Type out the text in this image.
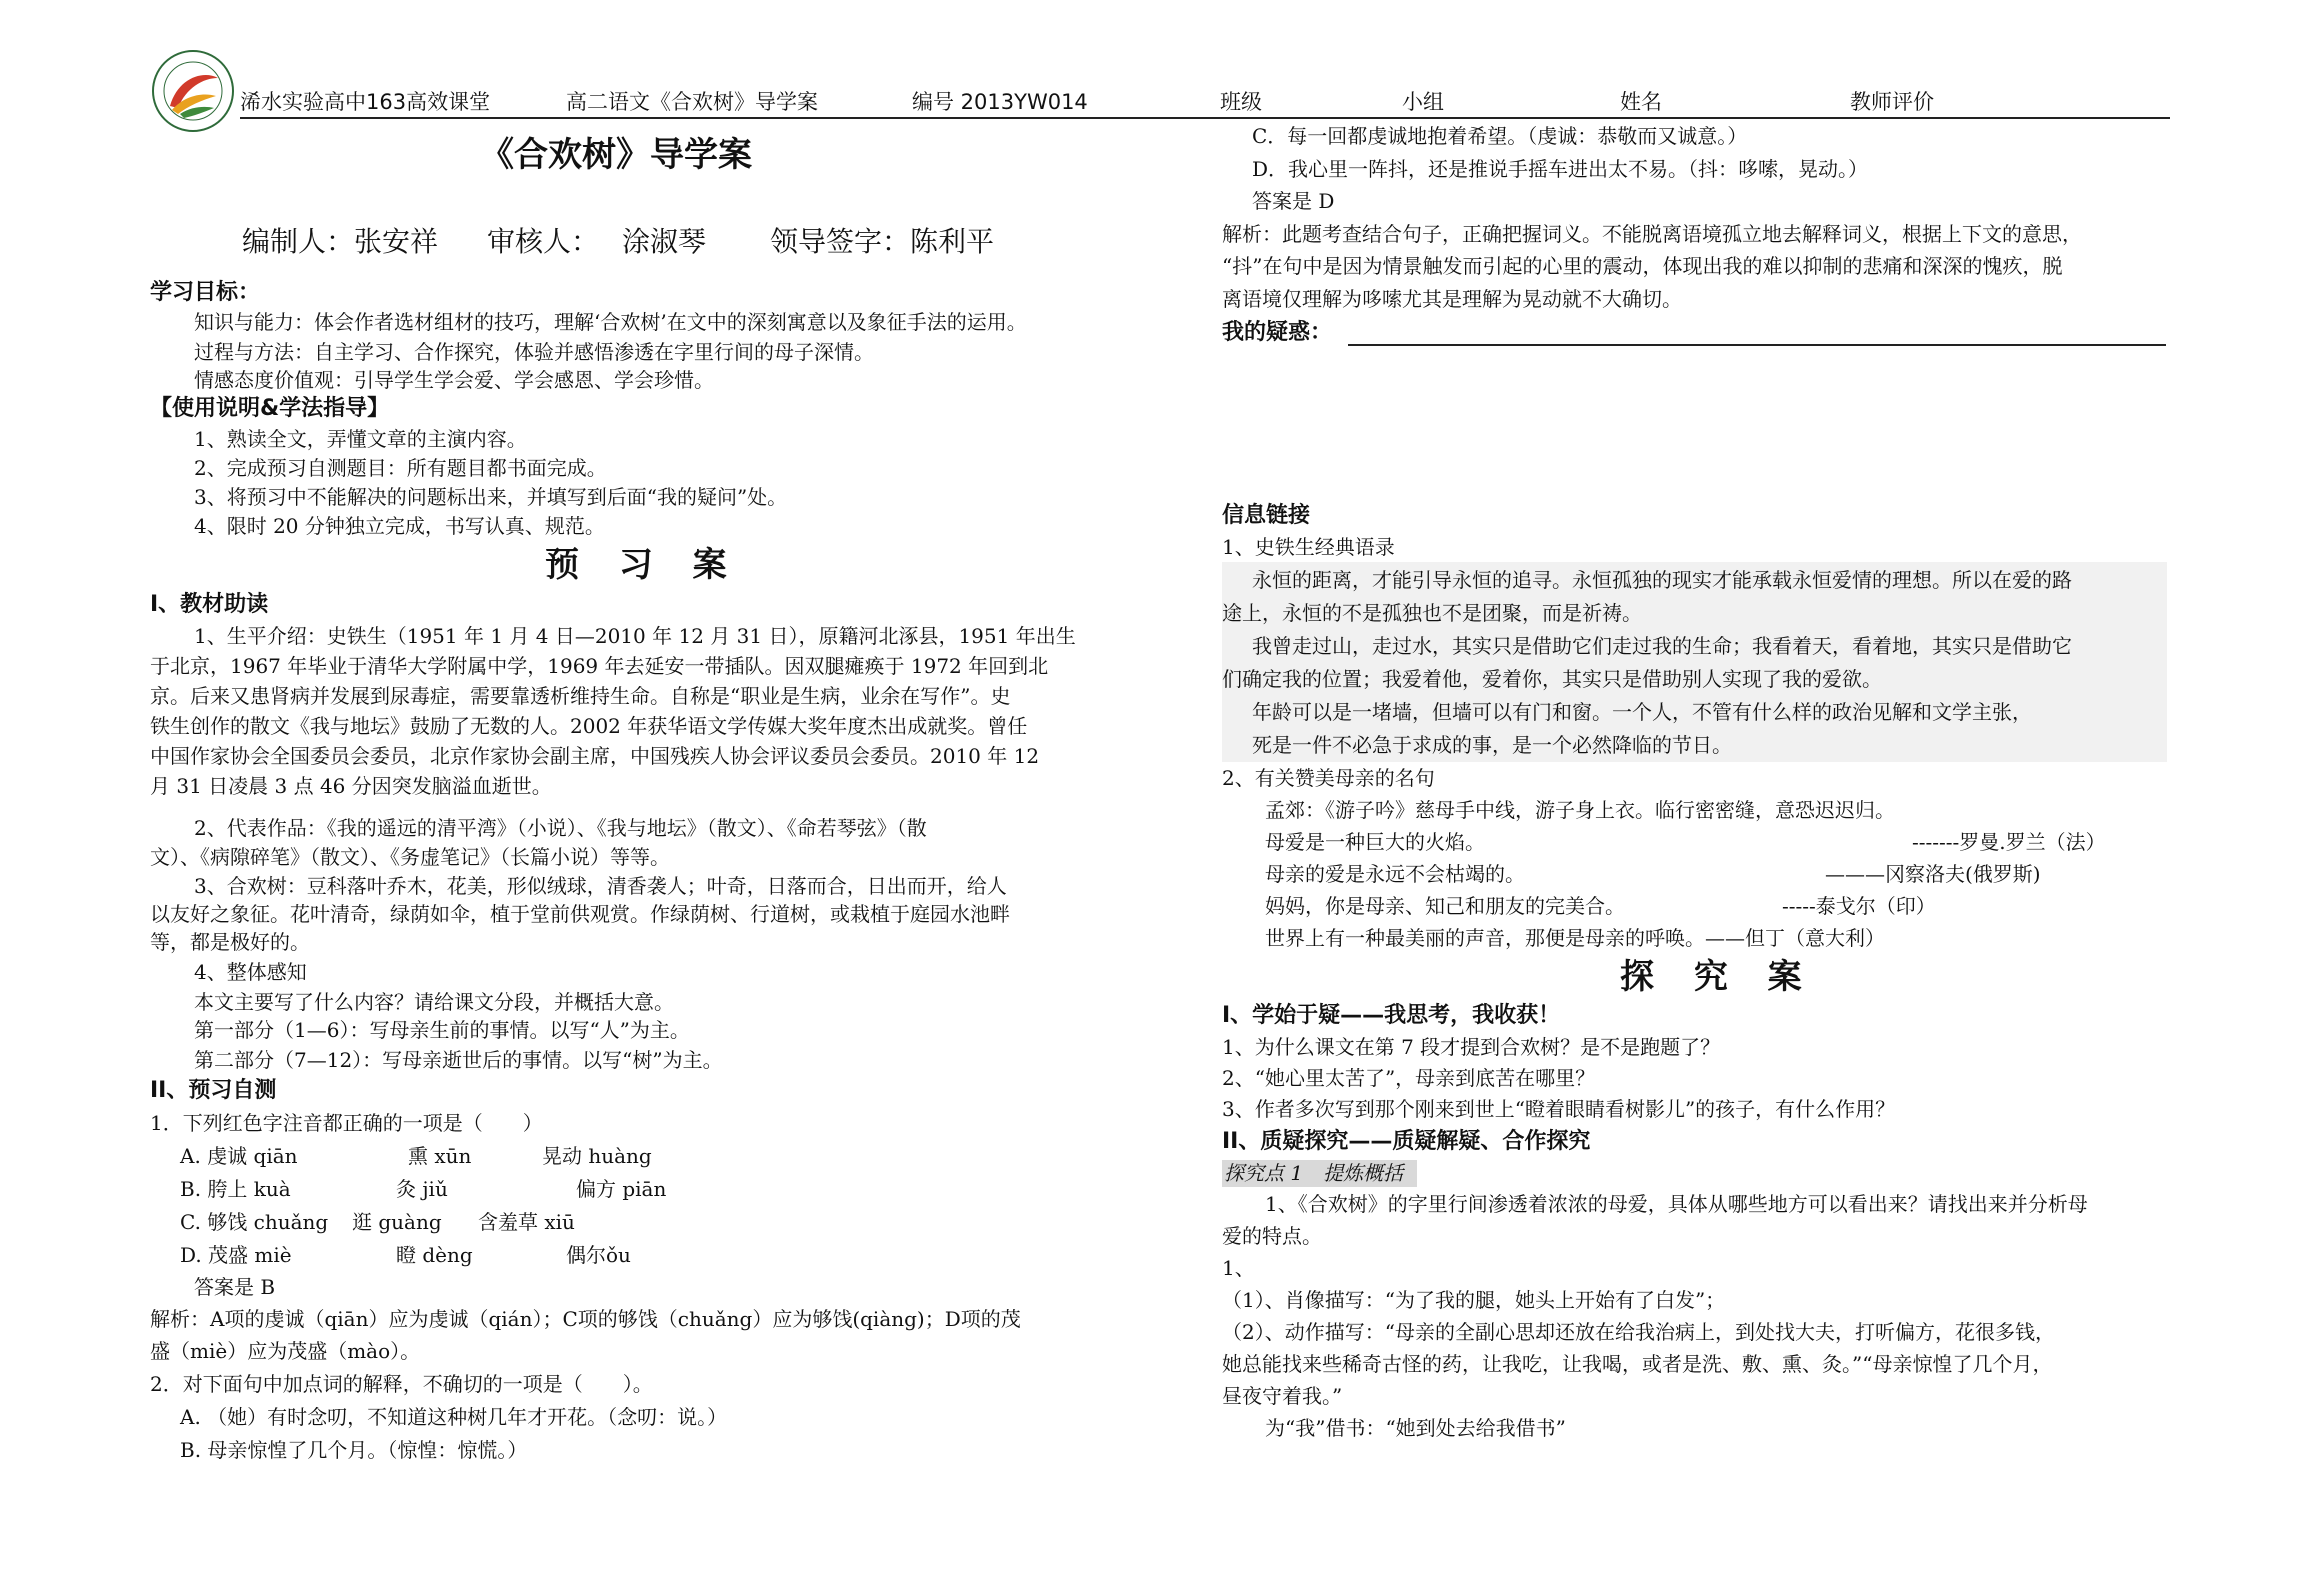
浠水实验高中163高效课堂	高二语文《合欢树》导学案	编号 2013YW014	班级	小组	姓名	教师评价
《合欢树》导学案
编制人：张安祥 审核人： 涂淑琴 领导签字：陈利平
学习目标：
知识与能力：体会作者选材组材的技巧，理解‘合欢树’在文中的深刻寓意以及象征手法的运用。
过程与方法：自主学习、合作探究，体验并感悟渗透在字里行间的母子深情。
情感态度价值观：引导学生学会爱、学会感恩、学会珍惜。
【使用说明&学法指导】
1、熟读全文，弄懂文章的主演内容。
2、完成预习自测题目：所有题目都书面完成。
3、将预习中不能解决的问题标出来，并填写到后面“我的疑问”处。
4、限时 20 分钟独立完成，书写认真、规范。
预 习 案
I、教材助读
1、生平介绍：史铁生（1951 年 1 月 4 日—2010 年 12 月 31 日），原籍河北涿县，1951 年出生
于北京，1967 年毕业于清华大学附属中学，1969 年去延安一带插队。因双腿瘫痪于 1972 年回到北
京。后来又患肾病并发展到尿毒症，需要靠透析维持生命。自称是“职业是生病，业余在写作”。史
铁生创作的散文《我与地坛》鼓励了无数的人。2002 年获华语文学传媒大奖年度杰出成就奖。曾任
中国作家协会全国委员会委员，北京作家协会副主席，中国残疾人协会评议委员会委员。2010 年 12
月 31 日凌晨 3 点 46 分因突发脑溢血逝世。
2、代表作品：《我的遥远的清平湾》（小说）、《我与地坛》（散文）、《命若琴弦》（散
文）、《病隙碎笔》（散文）、《务虚笔记》（长篇小说）等等。
3、合欢树：豆科落叶乔木，花美，形似绒球，清香袭人；叶奇，日落而合，日出而开，给人
以友好之象征。花叶清奇，绿荫如伞，植于堂前供观赏。作绿荫树、行道树，或栽植于庭园水池畔
等，都是极好的。
4、整体感知
本文主要写了什么内容？请给课文分段，并概括大意。
第一部分（1—6）：写母亲生前的事情。以写“人”为主。
第二部分（7—12）：写母亲逝世后的事情。以写“树”为主。
II、预习自测
1．下列红色字注音都正确的一项是（　　）
A. 虔诚 qiān	熏 xūn	晃动 huàng
B. 胯上 kuà	灸 jiǔ	偏方 piān
C. 够饯 chuǎng 逛 guàng 含羞草 xiū
D. 茂盛 miè	瞪 dèng	偶尔ǒu
答案是 B
解析：A项的虔诚（qiān）应为虔诚（qián）；C项的够饯（chuǎng）应为够饯(qiàng)；D项的茂
盛（miè）应为茂盛（mào）。
2．对下面句中加点词的解释，不确切的一项是（　　）。
A. （她）有时念叨，不知道这种树几年才开花。（念叨：说。）
B. 母亲惊惶了几个月。（惊惶：惊慌。）
C．每一回都虔诚地抱着希望。（虔诚：恭敬而又诚意。）
D．我心里一阵抖，还是推说手摇车进出太不易。（抖：哆嗦，晃动。）
答案是 D
解析：此题考查结合句子，正确把握词义。不能脱离语境孤立地去解释词义，根据上下文的意思，
“抖”在句中是因为情景触发而引起的心里的震动，体现出我的难以抑制的悲痛和深深的愧疚，脱
离语境仅理解为哆嗦尤其是理解为晃动就不大确切。
我的疑惑：
信息链接
1、史铁生经典语录
永恒的距离，才能引导永恒的追寻。永恒孤独的现实才能承载永恒爱情的理想。所以在爱的路
途上，永恒的不是孤独也不是团聚，而是祈祷。
我曾走过山，走过水，其实只是借助它们走过我的生命；我看着天，看着地，其实只是借助它
们确定我的位置；我爱着他，爱着你，其实只是借助别人实现了我的爱欲。
年龄可以是一堵墙，但墙可以有门和窗。一个人，不管有什么样的政治见解和文学主张，
死是一件不必急于求成的事，是一个必然降临的节日。
2、有关赞美母亲的名句
孟郊：《游子吟》慈母手中线，游子身上衣。临行密密缝，意恐迟迟归。
母爱是一种巨大的火焰。	-------罗曼.罗兰（法）
母亲的爱是永远不会枯竭的。	———冈察洛夫(俄罗斯)
妈妈，你是母亲、知己和朋友的完美合。	-----泰戈尔（印）
世界上有一种最美丽的声音，那便是母亲的呼唤。——但丁（意大利）
探 究 案
I、学始于疑——我思考，我收获！
1、为什么课文在第 7 段才提到合欢树？是不是跑题了？
2、“她心里太苦了”，母亲到底苦在哪里？
3、作者多次写到那个刚来到世上“瞪着眼睛看树影儿”的孩子，有什么作用？
II、质疑探究——质疑解疑、合作探究
探究点 1　提炼概括
1、《合欢树》的字里行间渗透着浓浓的母爱，具体从哪些地方可以看出来？请找出来并分析母
爱的特点。
1、
（1）、肖像描写：“为了我的腿，她头上开始有了白发”；
（2）、动作描写：“母亲的全副心思却还放在给我治病上，到处找大夫，打听偏方，花很多钱，
她总能找来些稀奇古怪的药，让我吃，让我喝，或者是洗、敷、熏、灸。”“母亲惊惶了几个月，
昼夜守着我。”
为“我”借书：“她到处去给我借书”
